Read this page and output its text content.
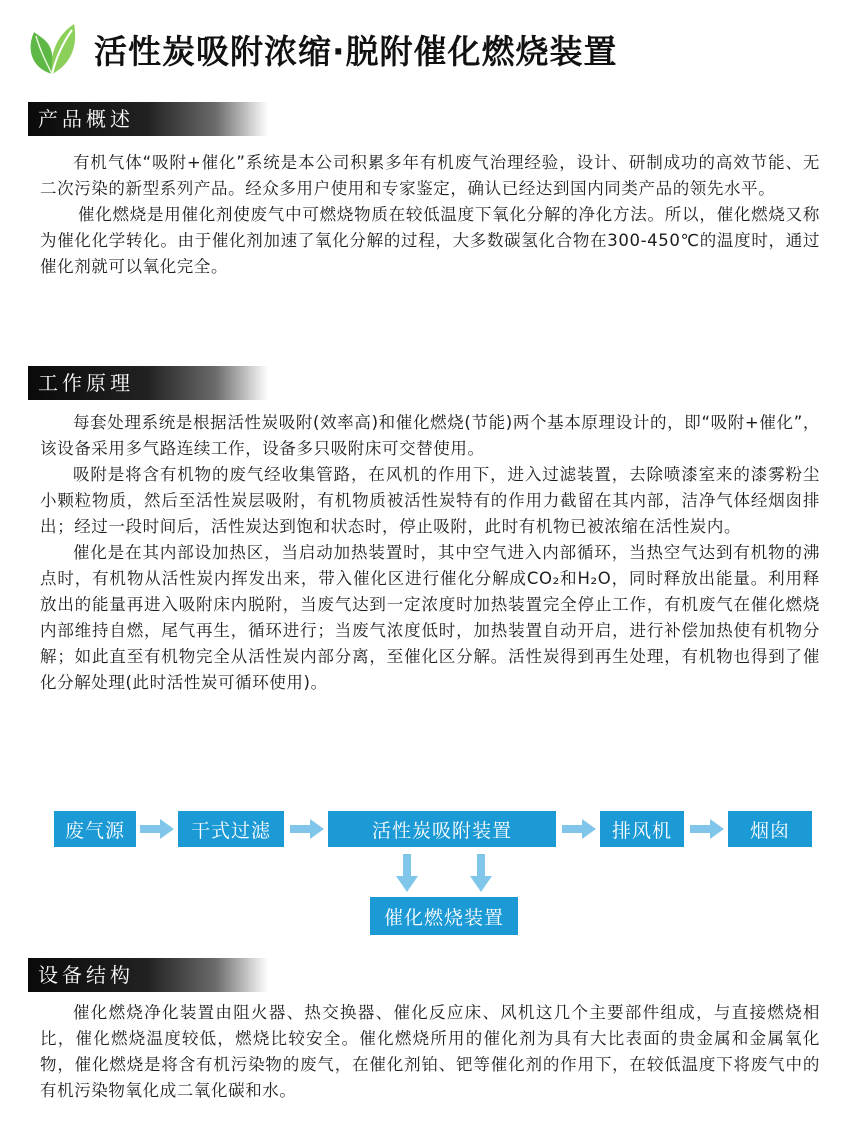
活性炭吸附浓缩·脱附催化燃烧装置
产品概述

有机气体“吸附+催化”系统是本公司积累多年有机废气治理经验，设计、研制成功的高效节能、无二次污染的新型系列产品。经众多用户使用和专家鉴定，确认已经达到国内同类产品的领先水平。

催化燃烧是用催化剂使废气中可燃烧物质在较低温度下氧化分解的净化方法。所以，催化燃烧又称为催化化学转化。由于催化剂加速了氧化分解的过程，大多数碳氢化合物在300-450℃的温度时，通过催化剂就可以氧化完全。

工作原理

每套处理系统是根据活性炭吸附(效率高)和催化燃烧(节能)两个基本原理设计的，即“吸附+催化”，该设备采用多气路连续工作，设备多只吸附床可交替使用。

吸附是将含有机物的废气经收集管路，在风机的作用下，进入过滤装置，去除喷漆室来的漆雾粉尘小颗粒物质，然后至活性炭层吸附，有机物质被活性炭特有的作用力截留在其内部，洁净气体经烟囱排出；经过一段时间后，活性炭达到饱和状态时，停止吸附，此时有机物已被浓缩在活性炭内。

催化是在其内部设加热区，当启动加热装置时，其中空气进入内部循环，当热空气达到有机物的沸点时，有机物从活性炭内挥发出来，带入催化区进行催化分解成CO₂和H₂O，同时释放出能量。利用释放出的能量再进入吸附床内脱附，当废气达到一定浓度时加热装置完全停止工作，有机废气在催化燃烧内部维持自燃，尾气再生，循环进行；当废气浓度低时，加热装置自动开启，进行补偿加热使有机物分解；如此直至有机物完全从活性炭内部分离，至催化区分解。活性炭得到再生处理，有机物也得到了催化分解处理(此时活性炭可循环使用)。

废气源	干式过滤	活性炭吸附装置	排风机	烟囱
催化燃烧装置
设备结构

催化燃烧净化装置由阻火器、热交换器、催化反应床、风机这几个主要部件组成，与直接燃烧相比，催化燃烧温度较低，燃烧比较安全。催化燃烧所用的催化剂为具有大比表面的贵金属和金属氧化物，催化燃烧是将含有机污染物的废气，在催化剂铂、钯等催化剂的作用下，在较低温度下将废气中的有机污染物氧化成二氧化碳和水。
